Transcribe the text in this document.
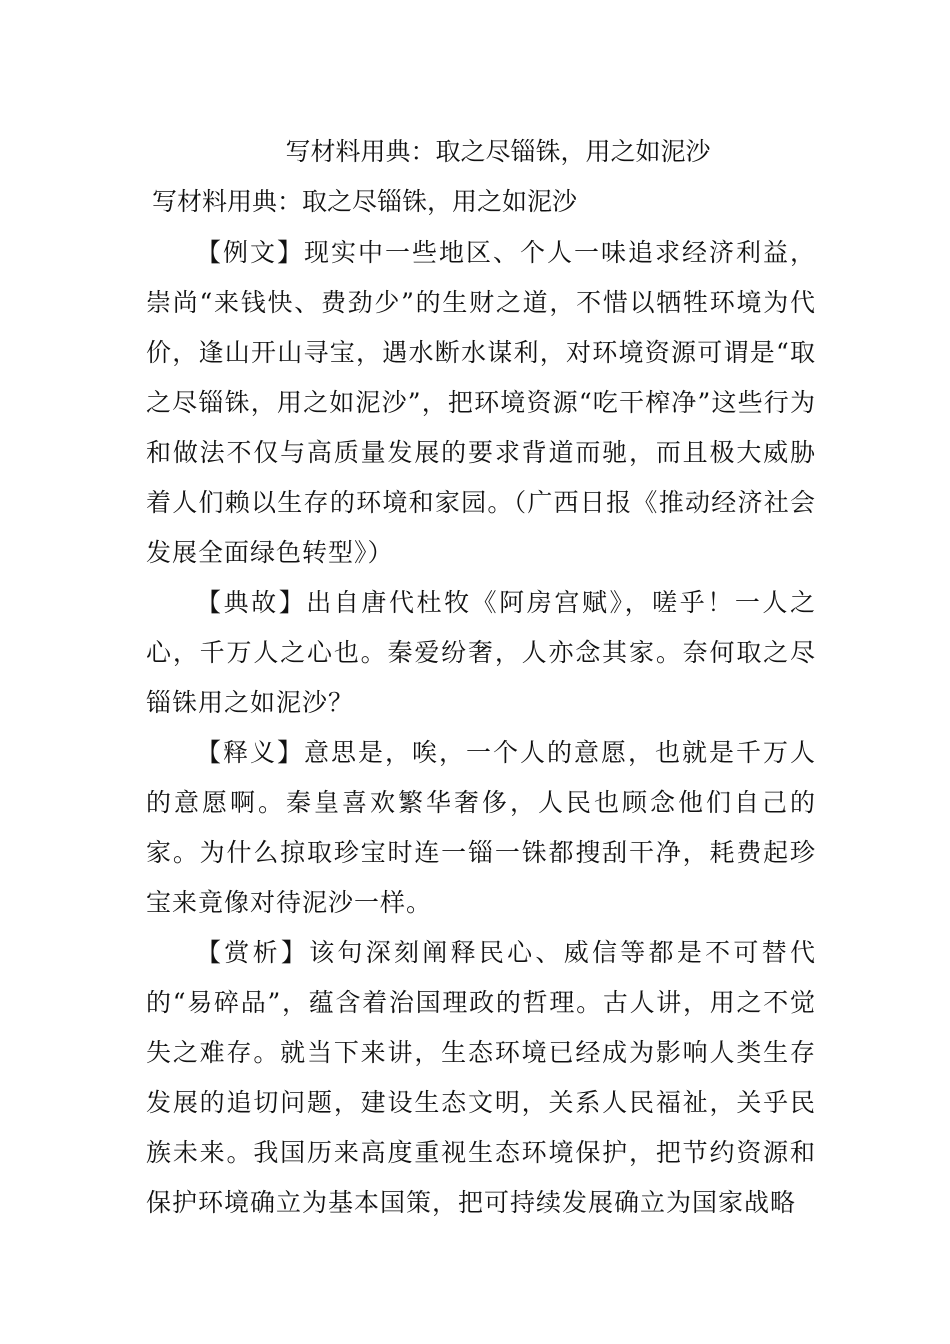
写材料用典：取之尽锱铢，用之如泥沙
写材料用典：取之尽锱铢，用之如泥沙

【例文】现实中一些地区、个人一味追求经济利益，崇尚“来钱快、费劲少”的生财之道，不惜以牺牲环境为代价，逢山开山寻宝，遇水断水谋利，对环境资源可谓是“取之尽锱铢，用之如泥沙”，把环境资源“吃干榨净”这些行为和做法不仅与高质量发展的要求背道而驰，而且极大威胁着人们赖以生存的环境和家园。（广西日报《推动经济社会发展全面绿色转型》）

【典故】出自唐代杜牧《阿房宫赋》，嗟乎！一人之心，千万人之心也。秦爱纷奢，人亦念其家。奈何取之尽锱铢用之如泥沙？

【释义】意思是，唉，一个人的意愿，也就是千万人的意愿啊。秦皇喜欢繁华奢侈，人民也顾念他们自己的家。为什么掠取珍宝时连一锱一铢都搜刮干净，耗费起珍宝来竟像对待泥沙一样。

【赏析】该句深刻阐释民心、威信等都是不可替代的“易碎品”，蕴含着治国理政的哲理。古人讲，用之不觉失之难存。就当下来讲，生态环境已经成为影响人类生存发展的追切问题，建设生态文明，关系人民福祉，关乎民族未来。我国历来高度重视生态环境保护，把节约资源和保护环境确立为基本国策，把可持续发展确立为国家战略
